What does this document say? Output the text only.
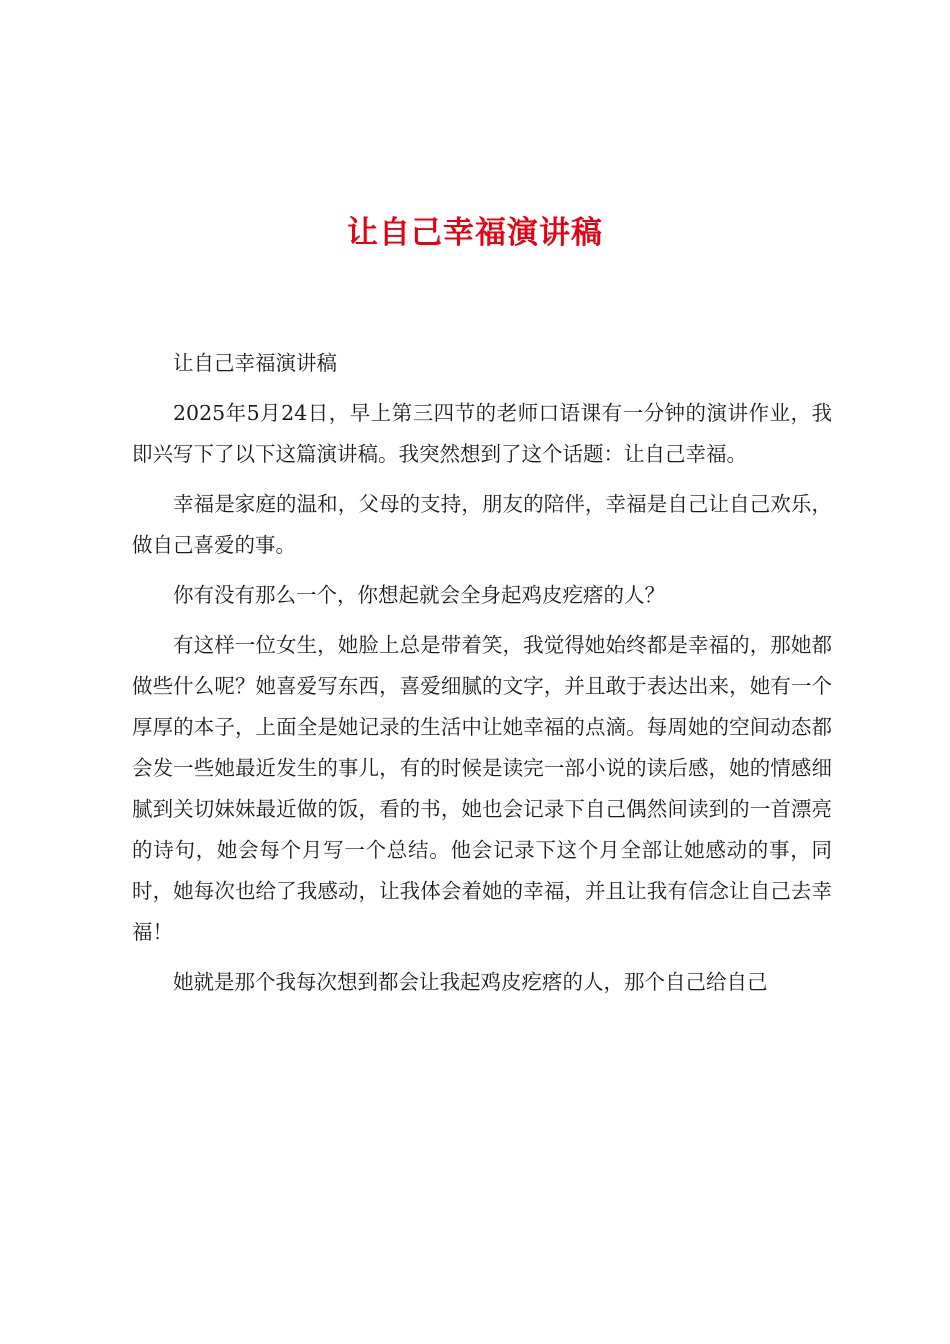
让自己幸福演讲稿

让自己幸福演讲稿

2025年5月24日，早上第三四节的老师口语课有一分钟的演讲作业，我即兴写下了以下这篇演讲稿。我突然想到了这个话题：让自己幸福。

幸福是家庭的温和，父母的支持，朋友的陪伴，幸福是自己让自己欢乐，做自己喜爱的事。

你有没有那么一个，你想起就会全身起鸡皮疙瘩的人？

有这样一位女生，她脸上总是带着笑，我觉得她始终都是幸福的，那她都做些什么呢？她喜爱写东西，喜爱细腻的文字，并且敢于表达出来，她有一个厚厚的本子，上面全是她记录的生活中让她幸福的点滴。每周她的空间动态都会发一些她最近发生的事儿，有的时候是读完一部小说的读后感，她的情感细腻到关切妹妹最近做的饭，看的书，她也会记录下自己偶然间读到的一首漂亮的诗句，她会每个月写一个总结。他会记录下这个月全部让她感动的事，同时，她每次也给了我感动，让我体会着她的幸福，并且让我有信念让自己去幸福！

她就是那个我每次想到都会让我起鸡皮疙瘩的人，那个自己给自己
